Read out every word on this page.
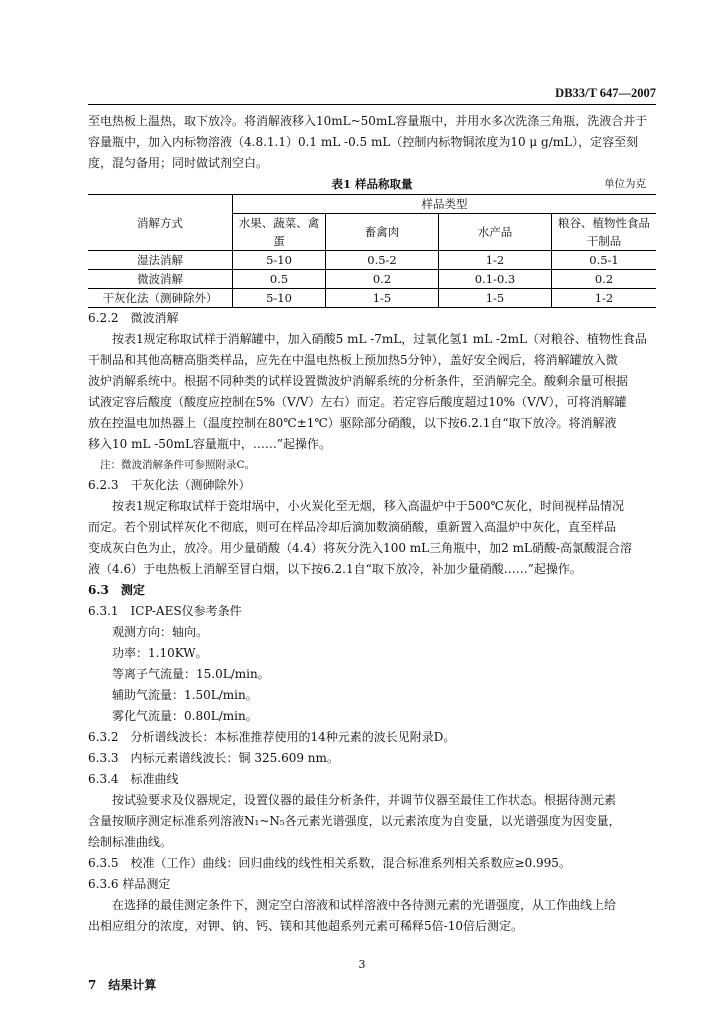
DB33/T 647—2007

至电热板上温热，取下放冷。将消解液移入10mL~50mL容量瓶中，并用水多次洗涤三角瓶，洗液合并于

容量瓶中，加入内标物溶液（4.8.1.1）0.1 mL -0.5 mL（控制内标物铜浓度为10 μ g/mL），定容至刻

度，混匀备用；同时做试剂空白。

表1 样品称取量	单位为克
消解方式	样品类型			
	水果、蔬菜、禽蛋	畜禽肉	水产品	粮谷、植物性食品干制品
湿法消解	5-10	0.5-2	1-2	0.5-1
微波消解	0.5	0.2	0.1-0.3	0.2
干灰化法（测砷除外）	5-10	1-5	1-5	1-2

6.2.2　微波消解

按表1规定称取试样于消解罐中，加入硝酸5 mL -7mL，过氧化氢1 mL -2mL（对粮谷、植物性食品

干制品和其他高糖高脂类样品，应先在中温电热板上预加热5分钟），盖好安全阀后，将消解罐放入微

波炉消解系统中。根据不同种类的试样设置微波炉消解系统的分析条件，至消解完全。酸剩余量可根据

试液定容后酸度（酸度应控制在5%（V/V）左右）而定。若定容后酸度超过10%（V/V），可将消解罐

放在控温电加热器上（温度控制在80℃±1℃）驱除部分硝酸，以下按6.2.1自“取下放冷。将消解液

移入10 mL -50mL容量瓶中，……”起操作。

注：微波消解条件可参照附录C。

6.2.3　干灰化法（测砷除外）

按表1规定称取试样于瓷坩埚中，小火炭化至无烟，移入高温炉中于500℃灰化，时间视样品情况

而定。若个别试样灰化不彻底，则可在样品冷却后滴加数滴硝酸，重新置入高温炉中灰化，直至样品

变成灰白色为止，放冷。用少量硝酸（4.4）将灰分洗入100 mL三角瓶中，加2 mL硝酸-高氯酸混合溶

液（4.6）于电热板上消解至冒白烟，以下按6.2.1自“取下放冷，补加少量硝酸……”起操作。

6.3　测定

6.3.1　ICP-AES仪参考条件

观测方向：轴向。

功率：1.10KW。

等离子气流量：15.0L/min。

辅助气流量：1.50L/min。

雾化气流量：0.80L/min。

6.3.2　分析谱线波长：本标准推荐使用的14种元素的波长见附录D。

6.3.3　内标元素谱线波长：铜 325.609 nm。

6.3.4　标准曲线

按试验要求及仪器规定，设置仪器的最佳分析条件，并调节仪器至最佳工作状态。根据待测元素

含量按顺序测定标准系列溶液N₁~N₅各元素光谱强度，以元素浓度为自变量，以光谱强度为因变量，

绘制标准曲线。

6.3.5　校准（工作）曲线：回归曲线的线性相关系数，混合标准系列相关系数应≥0.995。

6.3.6 样品测定

在选择的最佳测定条件下，测定空白溶液和试样溶液中各待测元素的光谱强度，从工作曲线上给

出相应组分的浓度，对钾、钠、钙、镁和其他超系列元素可稀释5倍-10倍后测定。

7　结果计算

3
